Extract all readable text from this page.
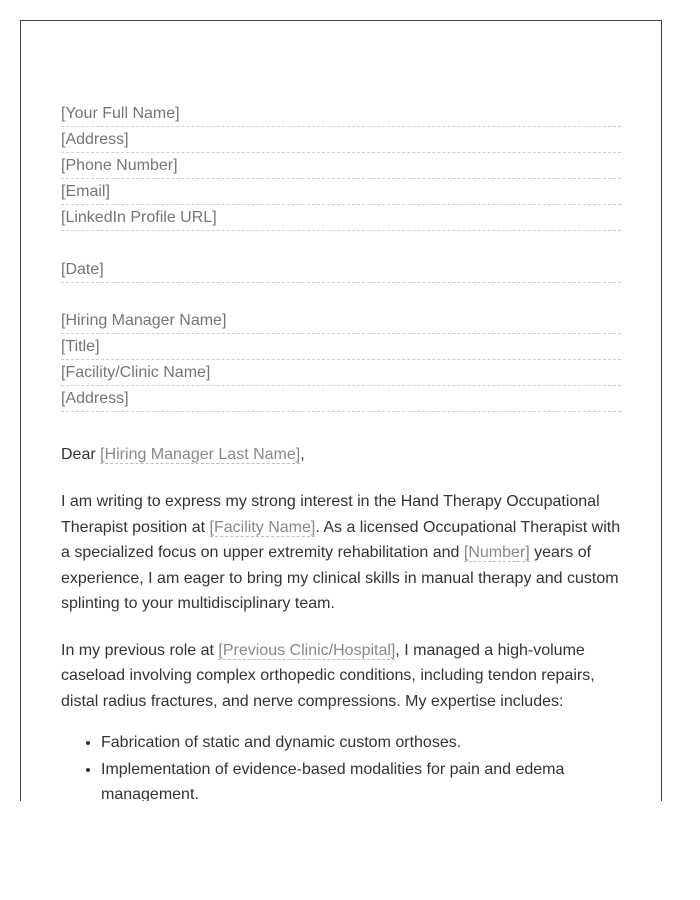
[Your Full Name]
[Address]
[Phone Number]
[Email]
[LinkedIn Profile URL]
[Date]
[Hiring Manager Name]
[Title]
[Facility/Clinic Name]
[Address]
Dear [Hiring Manager Last Name],

I am writing to express my strong interest in the Hand Therapy Occupational Therapist position at [Facility Name]. As a licensed Occupational Therapist with a specialized focus on upper extremity rehabilitation and [Number] years of experience, I am eager to bring my clinical skills in manual therapy and custom splinting to your multidisciplinary team.

In my previous role at [Previous Clinic/Hospital], I managed a high-volume caseload involving complex orthopedic conditions, including tendon repairs, distal radius fractures, and nerve compressions. My expertise includes:

• Fabrication of static and dynamic custom orthoses.
• Implementation of evidence-based modalities for pain and edema management.
